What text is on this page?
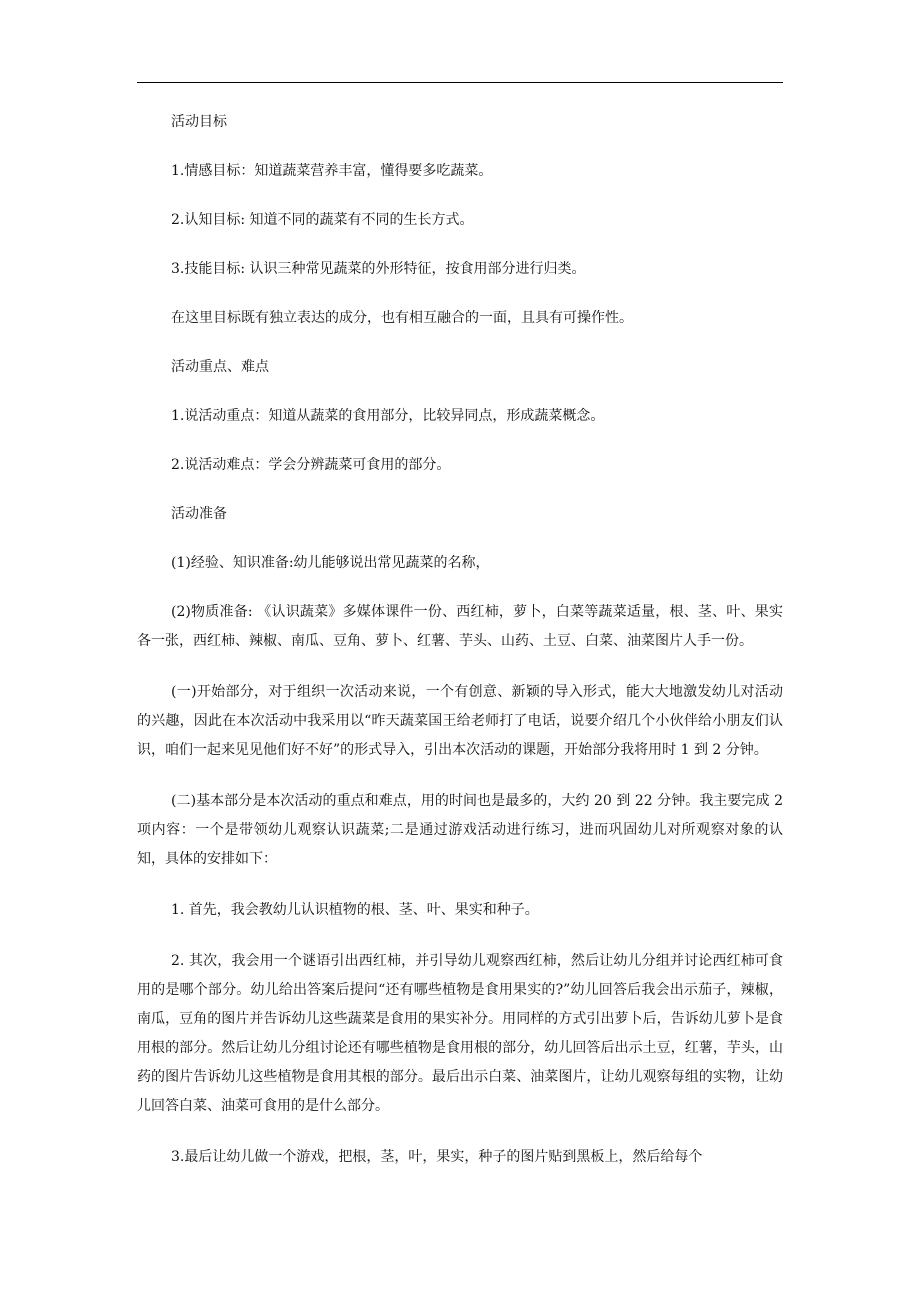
活动目标

1.情感目标：知道蔬菜营养丰富，懂得要多吃蔬菜。

2.认知目标: 知道不同的蔬菜有不同的生长方式。

3.技能目标: 认识三种常见蔬菜的外形特征，按食用部分进行归类。

在这里目标既有独立表达的成分，也有相互融合的一面，且具有可操作性。

活动重点、难点

1.说活动重点：知道从蔬菜的食用部分，比较异同点，形成蔬菜概念。

2.说活动难点：学会分辨蔬菜可食用的部分。

活动准备

(1)经验、知识准备:幼儿能够说出常见蔬菜的名称，

(2)物质准备: 《认识蔬菜》多媒体课件一份、西红柿，萝卜，白菜等蔬菜适量，根、茎、叶、果实各一张，西红柿、辣椒、南瓜、豆角、萝卜、红薯、芋头、山药、土豆、白菜、油菜图片人手一份。

(一)开始部分，对于组织一次活动来说，一个有创意、新颖的导入形式，能大大地激发幼儿对活动的兴趣，因此在本次活动中我采用以“昨天蔬菜国王给老师打了电话，说要介绍几个小伙伴给小朋友们认识，咱们一起来见见他们好不好”的形式导入，引出本次活动的课题，开始部分我将用时 1 到 2 分钟。

(二)基本部分是本次活动的重点和难点，用的时间也是最多的，大约 20 到 22 分钟。我主要完成 2 项内容：一个是带领幼儿观察认识蔬菜;二是通过游戏活动进行练习，进而巩固幼儿对所观察对象的认知，具体的安排如下：

1. 首先，我会教幼儿认识植物的根、茎、叶、果实和种子。

2. 其次，我会用一个谜语引出西红柿，并引导幼儿观察西红柿，然后让幼儿分组并讨论西红柿可食用的是哪个部分。幼儿给出答案后提问“还有哪些植物是食用果实的?”幼儿回答后我会出示茄子，辣椒，南瓜，豆角的图片并告诉幼儿这些蔬菜是食用的果实补分。用同样的方式引出萝卜后，告诉幼儿萝卜是食用根的部分。然后让幼儿分组讨论还有哪些植物是食用根的部分，幼儿回答后出示土豆，红薯，芋头，山药的图片告诉幼儿这些植物是食用其根的部分。最后出示白菜、油菜图片，让幼儿观察每组的实物，让幼儿回答白菜、油菜可食用的是什么部分。

3.最后让幼儿做一个游戏，把根，茎，叶，果实，种子的图片贴到黑板上，然后给每个
